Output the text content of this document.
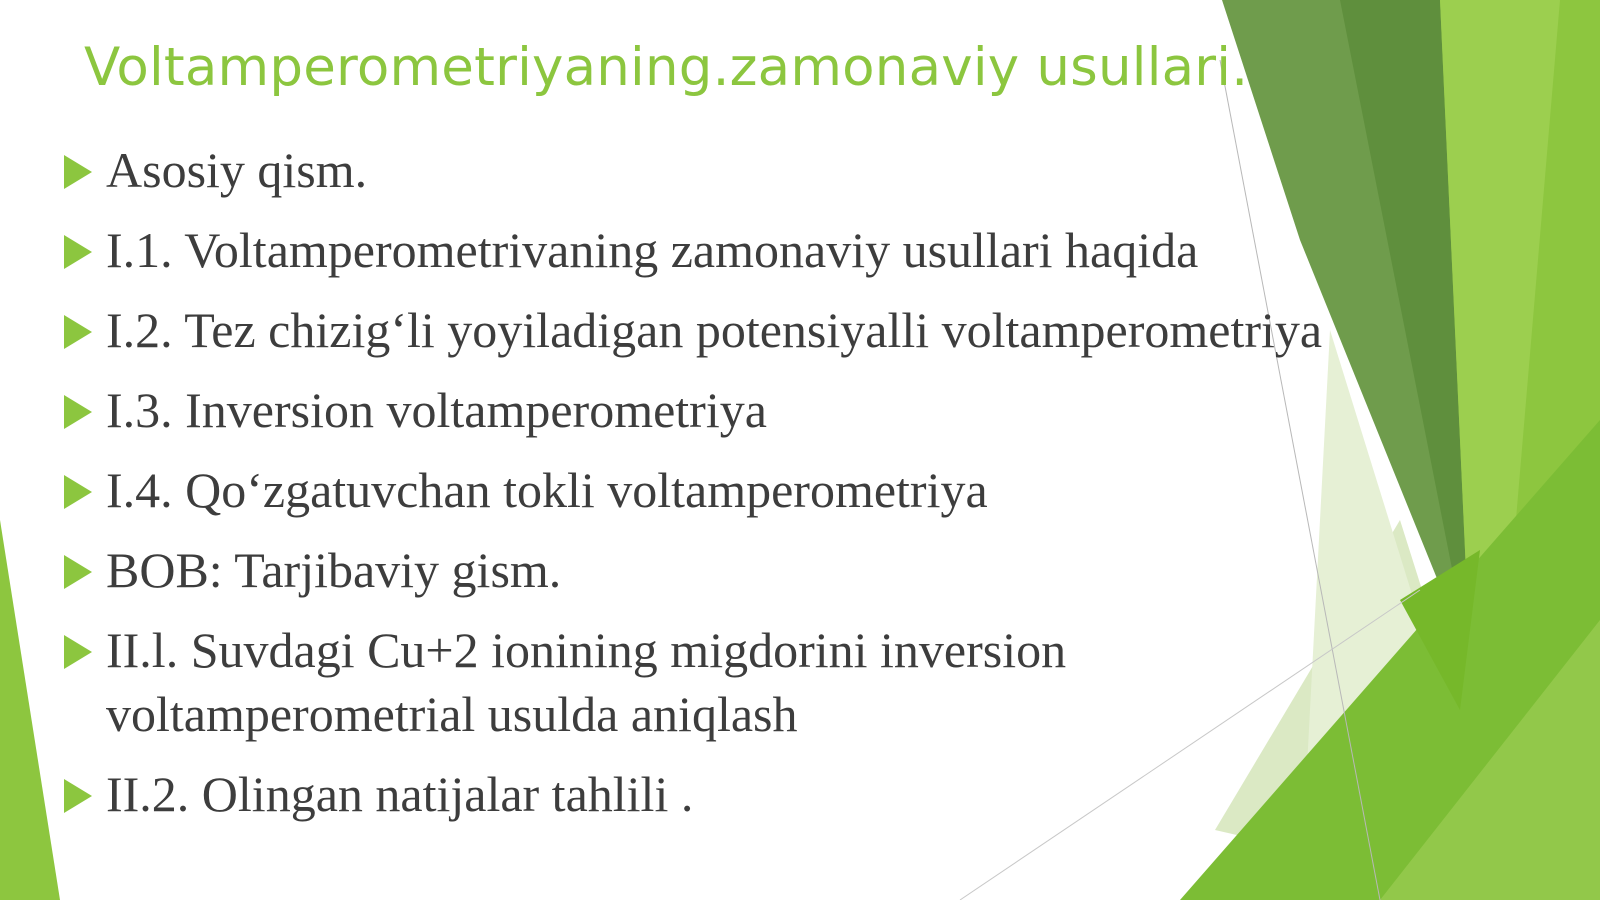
Voltamperometriyaning.zamonaviy usullari.
Asosiy qism.
I.1. Voltamperometrivaning zamonaviy usullari haqida
I.2. Tez chizig‘li yoyiladigan potensiyalli voltamperometriya
I.3. Inversion voltamperometriya
I.4. Qo‘zgatuvchan tokli voltamperometriya
BOB: Tarjibaviy gism.
II.l. Suvdagi Cu+2 ionining migdorini inversion voltamperometrial usulda aniqlash
II.2. Olingan natijalar tahlili .
